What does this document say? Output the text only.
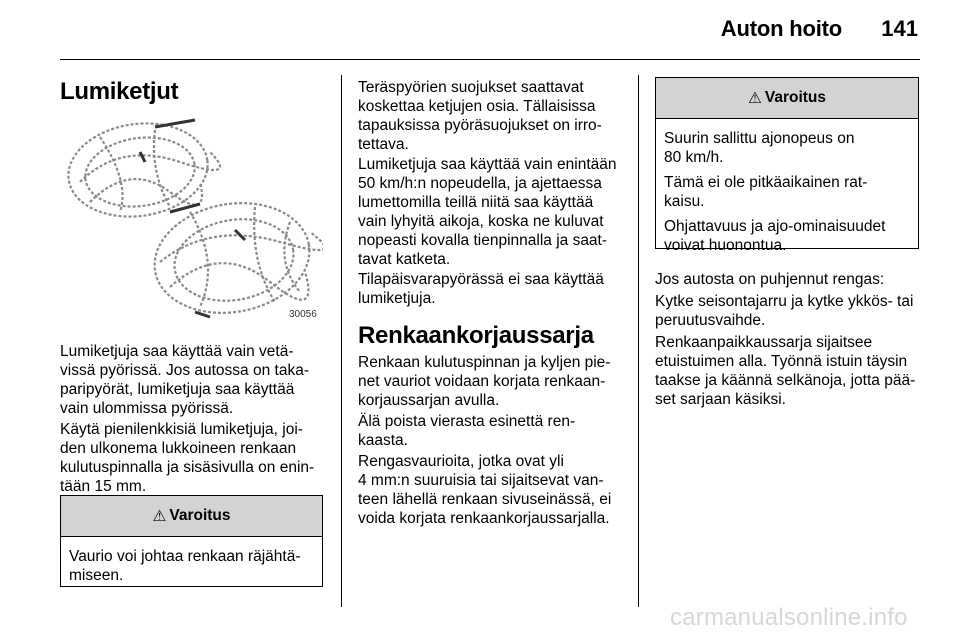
Auton hoito 141
Lumiketjut
30056

Lumiketjuja saa käyttää vain vetä-
vissä pyörissä. Jos autossa on taka-
paripyörät, lumiketjuja saa käyttää
vain ulommissa pyörissä.

Käytä pienilenkkisiä lumiketjuja, joi-
den ulkonema lukkoineen renkaan
kulutuspinnalla ja sisäsivulla on enin-
tään 15 mm.

⚠ Varoitus

Vaurio voi johtaa renkaan räjähtä-
miseen.

Teräspyörien suojukset saattavat
koskettaa ketjujen osia. Tällaisissa
tapauksissa pyöräsuojukset on irro-
tettava.

Lumiketjuja saa käyttää vain enintään
50 km/h:n nopeudella, ja ajettaessa
lumettomilla teillä niitä saa käyttää
vain lyhyitä aikoja, koska ne kuluvat
nopeasti kovalla tienpinnalla ja saat-
tavat katketa.

Tilapäisvarapyörässä ei saa käyttää
lumiketjuja.

Renkaankorjaussarja

Renkaan kulutuspinnan ja kyljen pie-
net vauriot voidaan korjata renkaan-
korjaussarjan avulla.

Älä poista vierasta esinettä ren-
kaasta.

Rengasvaurioita, jotka ovat yli
4 mm:n suuruisia tai sijaitsevat van-
teen lähellä renkaan sivuseinässä, ei
voida korjata renkaankorjaussarjalla.

⚠ Varoitus

Suurin sallittu ajonopeus on
80 km/h.

Tämä ei ole pitkäaikainen rat-
kaisu.

Ohjattavuus ja ajo-ominaisuudet
voivat huonontua.

Jos autosta on puhjennut rengas:

Kytke seisontajarru ja kytke ykkös- tai
peruutusvaihde.

Renkaanpaikkaussarja sijaitsee
etuistuimen alla. Työnnä istuin täysin
taakse ja käännä selkänoja, jotta pää-
set sarjaan käsiksi.

carmanualsonline.info
